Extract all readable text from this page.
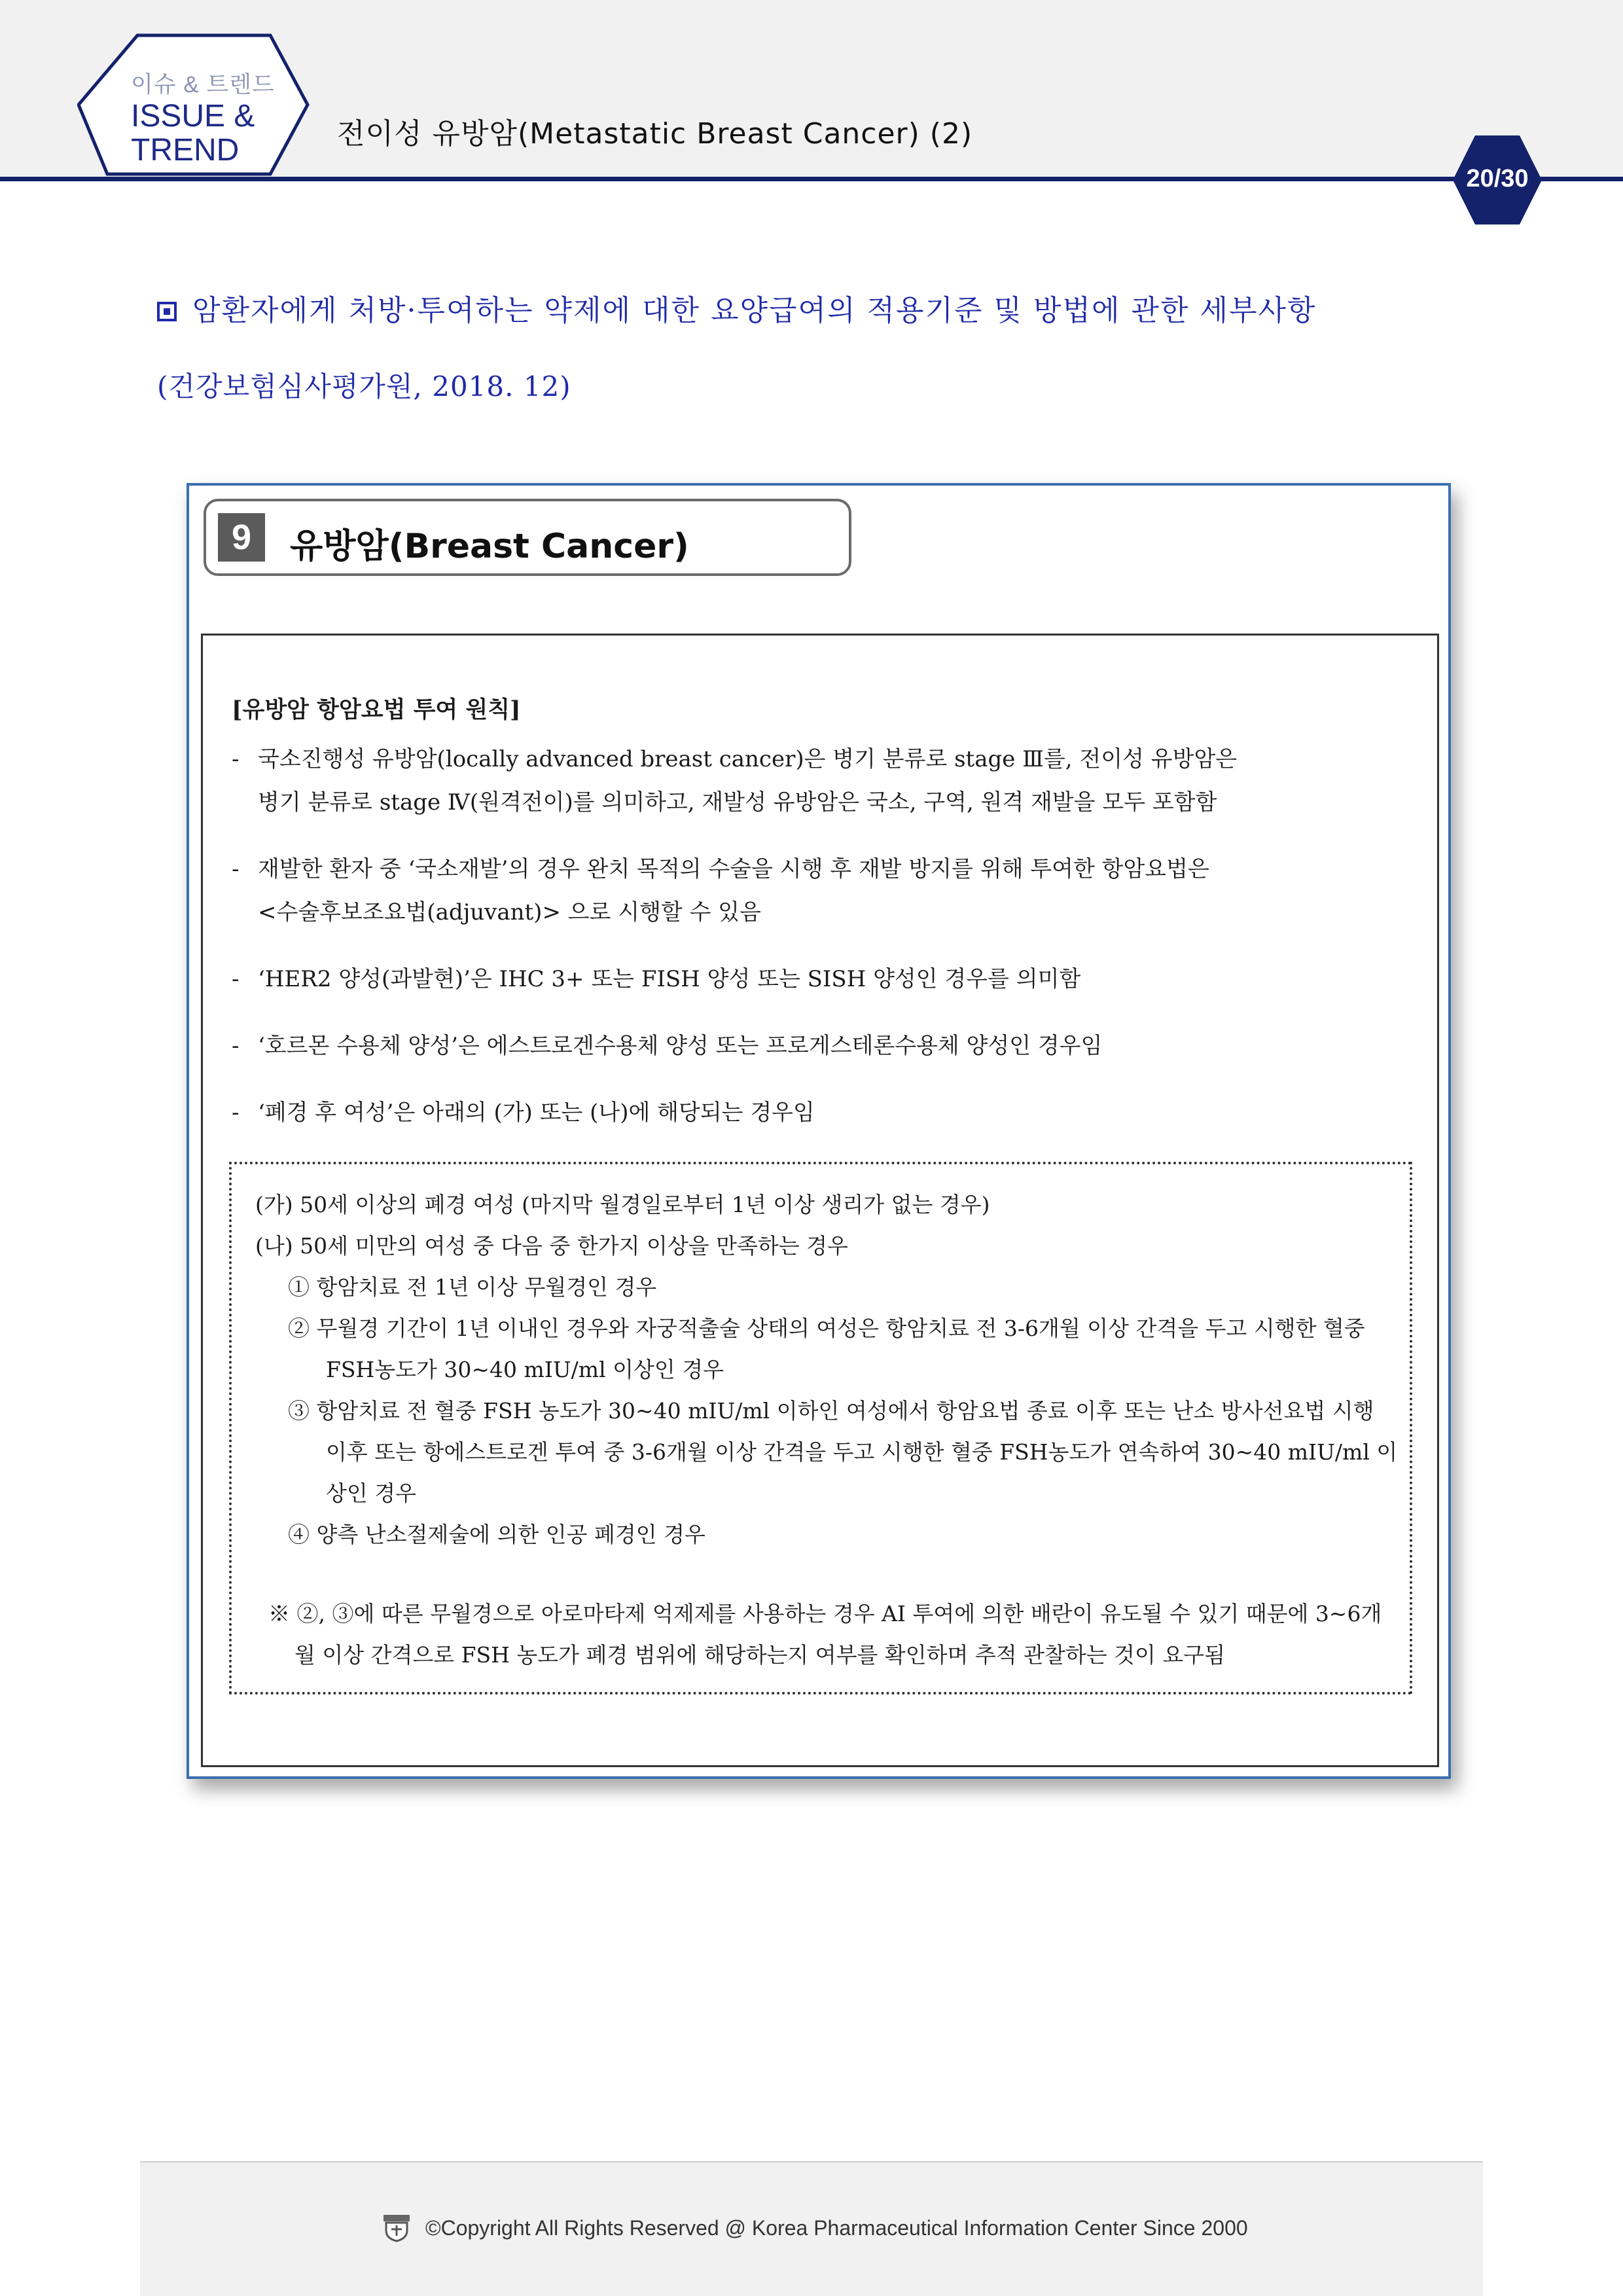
이슈 & 트렌드
ISSUE &
TREND	전이성 유방암(Metastatic Breast Cancer) (2)
20/30
암환자에게 처방·투여하는 약제에 대한 요양급여의 적용기준 및 방법에 관한 세부사항
(건강보험심사평가원, 2018. 12)
9	유방암(Breast Cancer)

[유방암 항암요법 투여 원칙]

- 국소진행성 유방암(locally advanced breast cancer)은 병기 분류로 stage Ⅲ를, 전이성 유방암은
병기 분류로 stage Ⅳ(원격전이)를 의미하고, 재발성 유방암은 국소, 구역, 원격 재발을 모두 포함함

- 재발한 환자 중 ‘국소재발’의 경우 완치 목적의 수술을 시행 후 재발 방지를 위해 투여한 항암요법은
<수술후보조요법(adjuvant)> 으로 시행할 수 있음

- ‘HER2 양성(과발현)’은 IHC 3+ 또는 FISH 양성 또는 SISH 양성인 경우를 의미함

- ‘호르몬 수용체 양성’은 에스트로겐수용체 양성 또는 프로게스테론수용체 양성인 경우임

- ‘폐경 후 여성’은 아래의 (가) 또는 (나)에 해당되는 경우임

(가) 50세 이상의 폐경 여성 (마지막 월경일로부터 1년 이상 생리가 없는 경우)

(나) 50세 미만의 여성 중 다음 중 한가지 이상을 만족하는 경우

① 항암치료 전 1년 이상 무월경인 경우

② 무월경 기간이 1년 이내인 경우와 자궁적출술 상태의 여성은 항암치료 전 3-6개월 이상 간격을 두고 시행한 혈중 FSH농도가 30~40 mIU/ml 이상인 경우

③ 항암치료 전 혈중 FSH 농도가 30~40 mIU/ml 이하인 여성에서 항암요법 종료 이후 또는 난소 방사선요법 시행 이후 또는 항에스트로겐 투여 중 3-6개월 이상 간격을 두고 시행한 혈중 FSH농도가 연속하여 30~40 mIU/ml 이상인 경우

④ 양측 난소절제술에 의한 인공 폐경인 경우

※ ②, ③에 따른 무월경으로 아로마타제 억제제를 사용하는 경우 AI 투여에 의한 배란이 유도될 수 있기 때문에 3~6개월 이상 간격으로 FSH 농도가 폐경 범위에 해당하는지 여부를 확인하며 추적 관찰하는 것이 요구됨

©Copyright All Rights Reserved @ Korea Pharmaceutical Information Center Since 2000
